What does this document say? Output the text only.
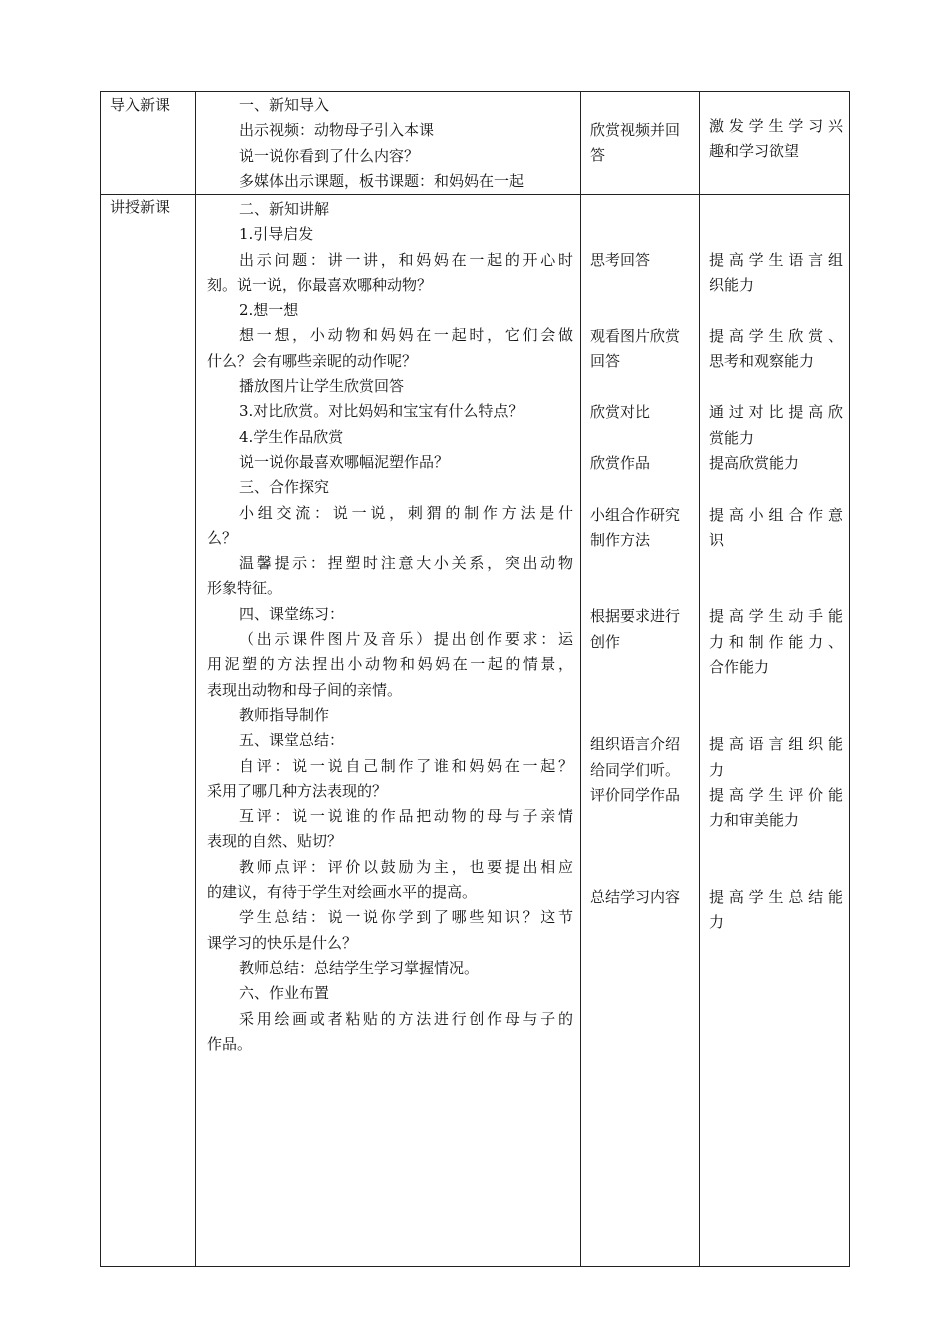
导入新课	一、新知导入
出示视频：动物母子引入本课
说一说你看到了什么内容？
多媒体出示课题，板书课题：和妈妈在一起
欣赏视频并回
答
激发学生学习兴
趣和学习欲望
讲授新课	二、新知讲解
1.引导启发
出示问题：讲一讲，和妈妈在一起的开心时
刻。说一说，你最喜欢哪种动物？
2.想一想
想一想，小动物和妈妈在一起时，它们会做
什么？会有哪些亲昵的动作呢？
播放图片让学生欣赏回答
3.对比欣赏。对比妈妈和宝宝有什么特点？
4.学生作品欣赏
说一说你最喜欢哪幅泥塑作品？
三、合作探究
小组交流：说一说，刺猬的制作方法是什
么？
温馨提示：捏塑时注意大小关系，突出动物
形象特征。
四、课堂练习：
（出示课件图片及音乐）提出创作要求：运
用泥塑的方法捏出小动物和妈妈在一起的情景，
表现出动物和母子间的亲情。
教师指导制作
五、课堂总结：
自评：说一说自己制作了谁和妈妈在一起？
采用了哪几种方法表现的？
互评：说一说谁的作品把动物的母与子亲情
表现的自然、贴切？
教师点评：评价以鼓励为主，也要提出相应
的建议，有待于学生对绘画水平的提高。
学生总结：说一说你学到了哪些知识？这节
课学习的快乐是什么？
教师总结：总结学生学习掌握情况。
六、作业布置
采用绘画或者粘贴的方法进行创作母与子的
作品。
思考回答
观看图片欣赏
回答
欣赏对比
欣赏作品
小组合作研究
制作方法
根据要求进行
创作
组织语言介绍
给同学们听。
评价同学作品
总结学习内容
提高学生语言组
织能力
提高学生欣赏、
思考和观察能力
通过对比提高欣
赏能力
提高欣赏能力
提高小组合作意
识
提高学生动手能
力和制作能力、
合作能力
提高语言组织能
力
提高学生评价能
力和审美能力
提高学生总结能
力
